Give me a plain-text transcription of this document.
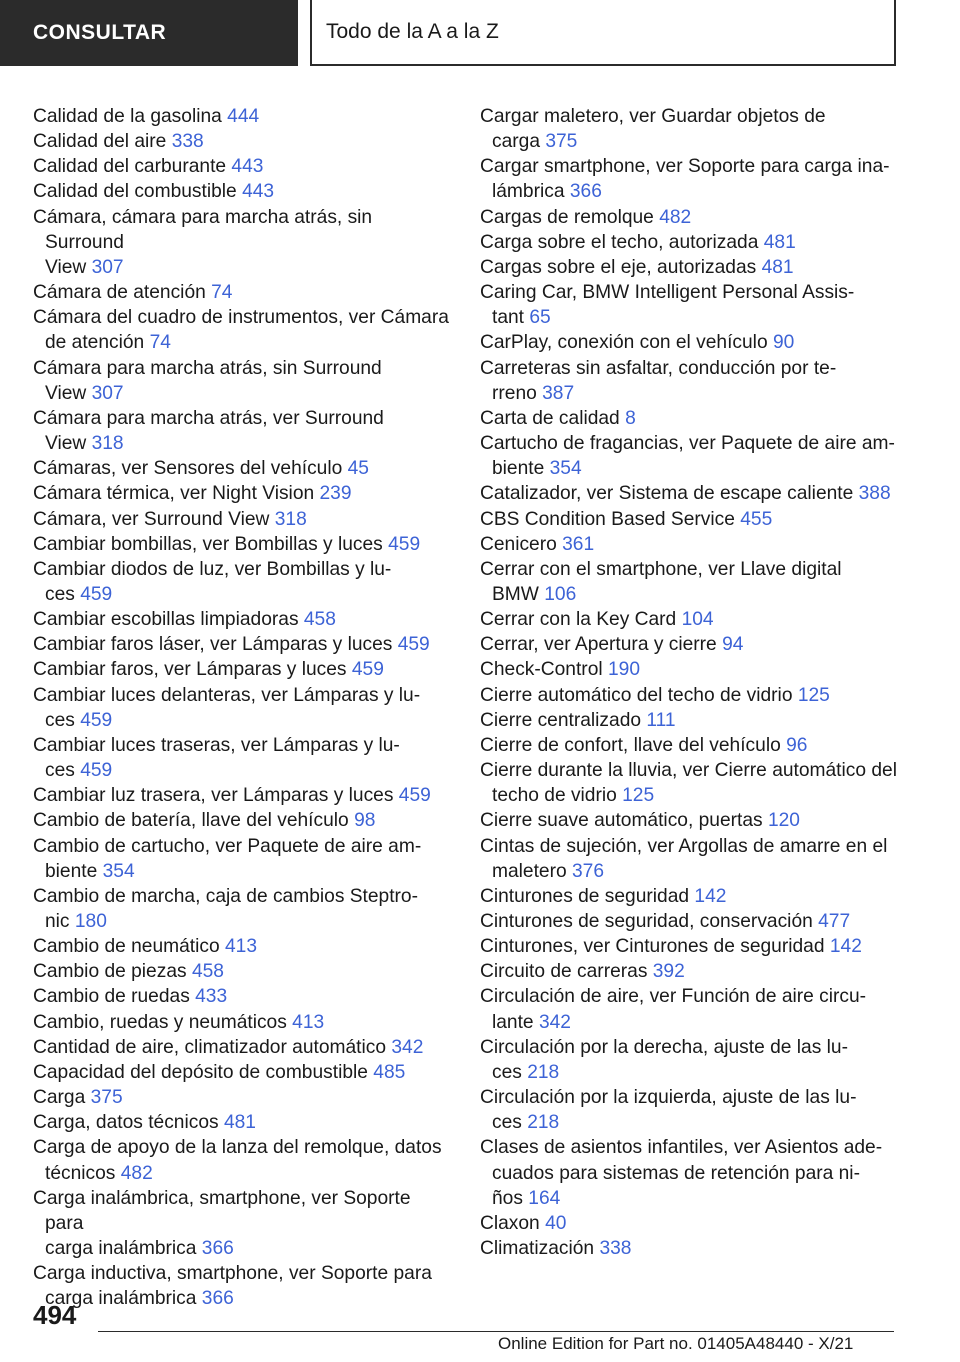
CONSULTAR	Todo de la A a la Z
Calidad de la gasolina 444
Calidad del aire 338
Calidad del carburante 443
Calidad del combustible 443
Cámara, cámara para marcha atrás, sin Surround
View 307
Cámara de atención 74
Cámara del cuadro de instrumentos, ver Cámara
de atención 74
Cámara para marcha atrás, sin Surround
View 307
Cámara para marcha atrás, ver Surround
View 318
Cámaras, ver Sensores del vehículo 45
Cámara térmica, ver Night Vision 239
Cámara, ver Surround View 318
Cambiar bombillas, ver Bombillas y luces 459
Cambiar diodos de luz, ver Bombillas y lu-
ces 459
Cambiar escobillas limpiadoras 458
Cambiar faros láser, ver Lámparas y luces 459
Cambiar faros, ver Lámparas y luces 459
Cambiar luces delanteras, ver Lámparas y lu-
ces 459
Cambiar luces traseras, ver Lámparas y lu-
ces 459
Cambiar luz trasera, ver Lámparas y luces 459
Cambio de batería, llave del vehículo 98
Cambio de cartucho, ver Paquete de aire am-
biente 354
Cambio de marcha, caja de cambios Steptro-
nic 180
Cambio de neumático 413
Cambio de piezas 458
Cambio de ruedas 433
Cambio, ruedas y neumáticos 413
Cantidad de aire, climatizador automático 342
Capacidad del depósito de combustible 485
Carga 375
Carga, datos técnicos 481
Carga de apoyo de la lanza del remolque, datos
técnicos 482
Carga inalámbrica, smartphone, ver Soporte para
carga inalámbrica 366
Carga inductiva, smartphone, ver Soporte para
carga inalámbrica 366
Cargar maletero, ver Guardar objetos de
carga 375
Cargar smartphone, ver Soporte para carga ina-
lámbrica 366
Cargas de remolque 482
Carga sobre el techo, autorizada 481
Cargas sobre el eje, autorizadas 481
Caring Car, BMW Intelligent Personal Assis-
tant 65
CarPlay, conexión con el vehículo 90
Carreteras sin asfaltar, conducción por te-
rreno 387
Carta de calidad 8
Cartucho de fragancias, ver Paquete de aire am-
biente 354
Catalizador, ver Sistema de escape caliente 388
CBS Condition Based Service 455
Cenicero 361
Cerrar con el smartphone, ver Llave digital
BMW 106
Cerrar con la Key Card 104
Cerrar, ver Apertura y cierre 94
Check-Control 190
Cierre automático del techo de vidrio 125
Cierre centralizado 111
Cierre de confort, llave del vehículo 96
Cierre durante la lluvia, ver Cierre automático del
techo de vidrio 125
Cierre suave automático, puertas 120
Cintas de sujeción, ver Argollas de amarre en el
maletero 376
Cinturones de seguridad 142
Cinturones de seguridad, conservación 477
Cinturones, ver Cinturones de seguridad 142
Circuito de carreras 392
Circulación de aire, ver Función de aire circu-
lante 342
Circulación por la derecha, ajuste de las lu-
ces 218
Circulación por la izquierda, ajuste de las lu-
ces 218
Clases de asientos infantiles, ver Asientos ade-
cuados para sistemas de retención para ni-
ños 164
Claxon 40
Climatización 338
494
Online Edition for Part no. 01405A48440 - X/21
